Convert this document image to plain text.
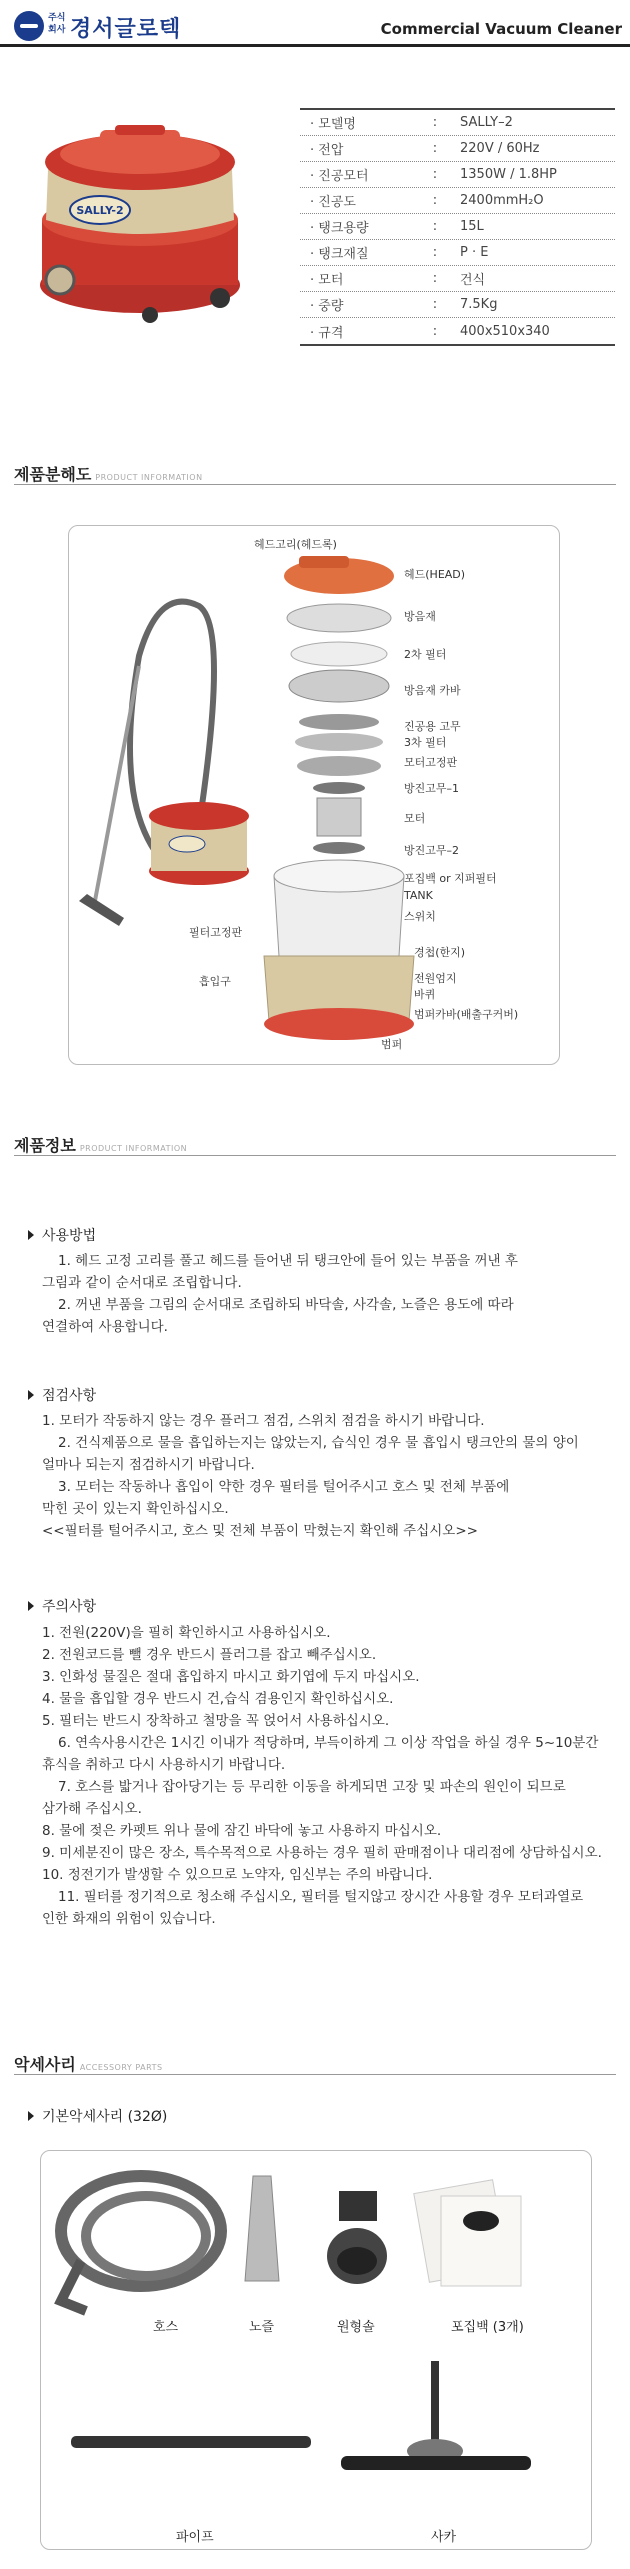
주식회사 경서글로텍	Commercial Vacuum Cleaner
SALLY-2
· 모델명	:	SALLY–2
· 전압	:	220V / 60Hz
· 진공모터	:	1350W / 1.8HP
· 진공도	:	2400mmH₂O
· 탱크용량	:	15L
· 탱크재질	:	P · E
· 모터	:	건식
· 중량	:	7.5Kg
· 규격	:	400x510x340
제품분해도 PRODUCT INFORMATION
헤드고리(헤드록)
헤드(HEAD)
방음재
2차 필터
방음재 카바
진공용 고무
3차 필터
모터고정판
방진고무–1
모터
방진고무–2
포집백 or 지퍼필터
TANK
스위치
필터고정판
흡입구
경첩(한지)
전원엄지
바퀴
범퍼카바(배출구커버)
범퍼
제품정보 PRODUCT INFORMATION
사용방법
1. 헤드 고정 고리를 풀고 헤드를 들어낸 뒤 탱크안에 들어 있는 부품을 꺼낸 후
그림과 같이 순서대로 조립합니다.
2. 꺼낸 부품을 그림의 순서대로 조립하되 바닥솔, 사각솔, 노즐은 용도에 따라
연결하여 사용합니다.
점검사항
1. 모터가 작동하지 않는 경우 플러그 점검, 스위치 점검을 하시기 바랍니다.
2. 건식제품으로 물을 흡입하는지는 않았는지, 습식인 경우 물 흡입시 탱크안의 물의 양이
얼마나 되는지 점검하시기 바랍니다.
3. 모터는 작동하나 흡입이 약한 경우 필터를 털어주시고 호스 및 전체 부품에
막힌 곳이 있는지 확인하십시오.
<<필터를 털어주시고, 호스 및 전체 부품이 막혔는지 확인해 주십시오>>
주의사항
1. 전원(220V)을 필히 확인하시고 사용하십시오.
2. 전원코드를 뺄 경우 반드시 플러그를 잡고 빼주십시오.
3. 인화성 물질은 절대 흡입하지 마시고 화기엽에 두지 마십시오.
4. 물을 흡입할 경우 반드시 건,습식 겸용인지 확인하십시오.
5. 필터는 반드시 장착하고 철망을 꼭 얹어서 사용하십시오.
6. 연속사용시간은 1시긴 이내가 적당하며, 부득이하게 그 이상 작업을 하실 경우 5~10분간
휴식을 취하고 다시 사용하시기 바랍니다.
7. 호스를 밟거나 잡아당기는 등 무리한 이동을 하게되면 고장 및 파손의 원인이 되므로
삼가해 주십시오.
8. 물에 젖은 카펫트 위나 물에 잠긴 바닥에 놓고 사용하지 마십시오.
9. 미세분진이 많은 장소, 특수목적으로 사용하는 경우 필히 판매점이나 대리점에 상담하십시오.
10. 정전기가 발생할 수 있으므로 노약자, 임신부는 주의 바랍니다.
11. 필터를 정기적으로 청소해 주십시오, 필터를 털지않고 장시간 사용할 경우 모터과열로
인한 화재의 위험이 있습니다.
악세사리 ACCESSORY PARTS
기본악세사리 (32Ø)
호스	노즐	원형솔	포집백 (3개)
파이프	사카
